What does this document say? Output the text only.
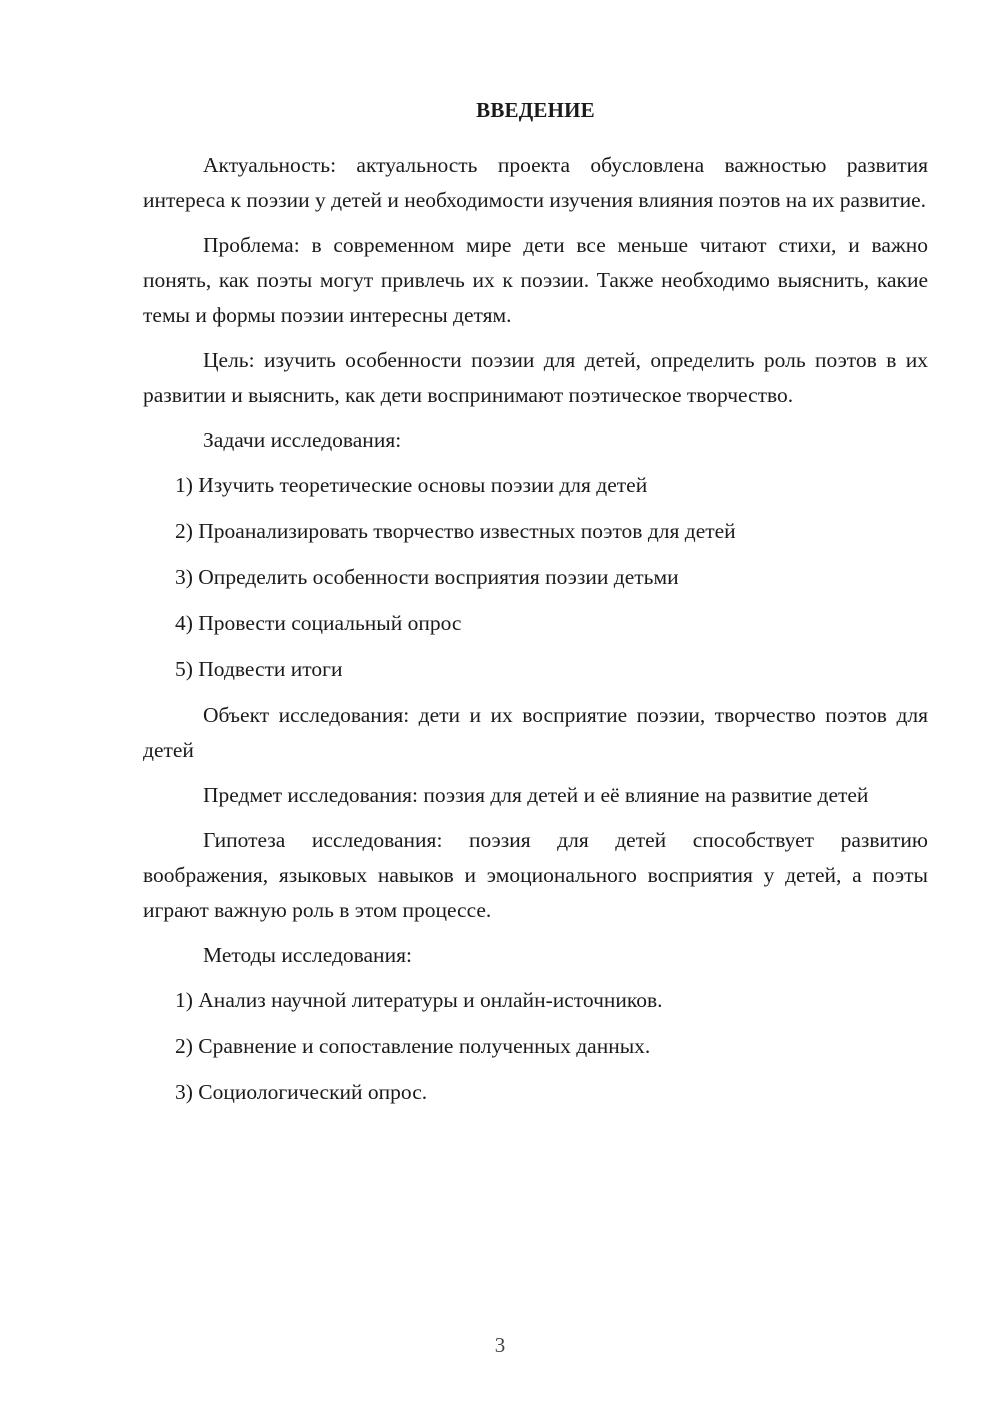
ВВЕДЕНИЕ
Актуальность: актуальность проекта обусловлена важностью развития интереса к поэзии у детей и необходимости изучения влияния поэтов на их развитие.
Проблема: в современном мире дети все меньше читают стихи, и важно понять, как поэты могут привлечь их к поэзии. Также необходимо выяснить, какие темы и формы поэзии интересны детям.
Цель: изучить особенности поэзии для детей, определить роль поэтов в их развитии и выяснить, как дети воспринимают поэтическое творчество.
Задачи исследования:
1) Изучить теоретические основы поэзии для детей
2) Проанализировать творчество известных поэтов для детей
3) Определить особенности восприятия поэзии детьми
4) Провести социальный опрос
5) Подвести итоги
Объект исследования: дети и их восприятие поэзии, творчество поэтов для детей
Предмет исследования: поэзия для детей и её влияние на развитие детей
Гипотеза исследования: поэзия для детей способствует развитию воображения, языковых навыков и эмоционального восприятия у детей, а поэты играют важную роль в этом процессе.
Методы исследования:
1) Анализ научной литературы и онлайн-источников.
2) Сравнение и сопоставление полученных данных.
3) Социологический опрос.
3
